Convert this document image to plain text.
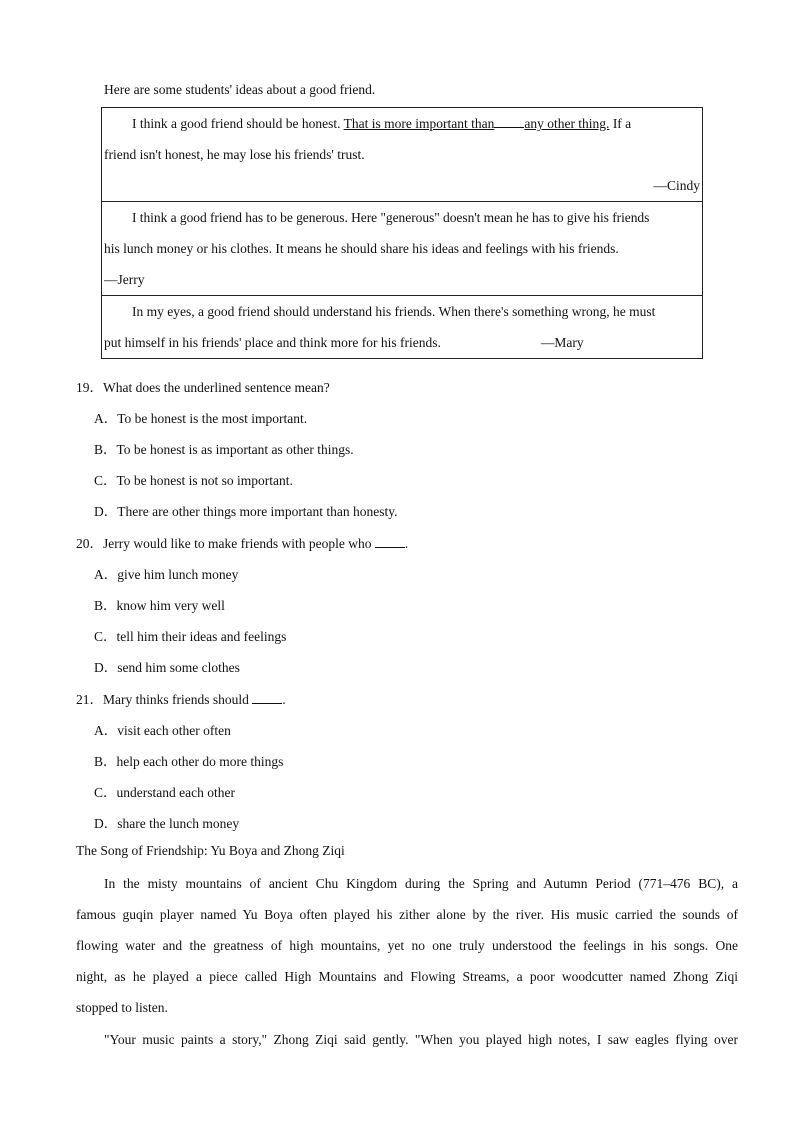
Here are some students' ideas about a good friend.
I think a good friend should be honest. That is more important than any other thing. If a
friend isn't honest, he may lose his friends' trust.
—Cindy
I think a good friend has to be generous. Here "generous" doesn't mean he has to give his friends
his lunch money or his clothes. It means he should share his ideas and feelings with his friends.
—Jerry
In my eyes, a good friend should understand his friends. When there's something wrong, he must
put himself in his friends' place and think more for his friends.	—Mary
19．What does the underlined sentence mean?
A．To be honest is the most important.
B．To be honest is as important as other things.
C．To be honest is not so important.
D．There are other things more important than honesty.
20．Jerry would like to make friends with people who .
A．give him lunch money
B．know him very well
C．tell him their ideas and feelings
D．send him some clothes
21．Mary thinks friends should .
A．visit each other often
B．help each other do more things
C．understand each other
D．share the lunch money
The Song of Friendship: Yu Boya and Zhong Ziqi
In the misty mountains of ancient Chu Kingdom during the Spring and Autumn Period (771–476 BC), a
famous guqin player named Yu Boya often played his zither alone by the river. His music carried the sounds of
flowing water and the greatness of high mountains, yet no one truly understood the feelings in his songs. One
night, as he played a piece called High Mountains and Flowing Streams, a poor woodcutter named Zhong Ziqi
stopped to listen.
"Your music paints a story," Zhong Ziqi said gently. "When you played high notes, I saw eagles flying over
